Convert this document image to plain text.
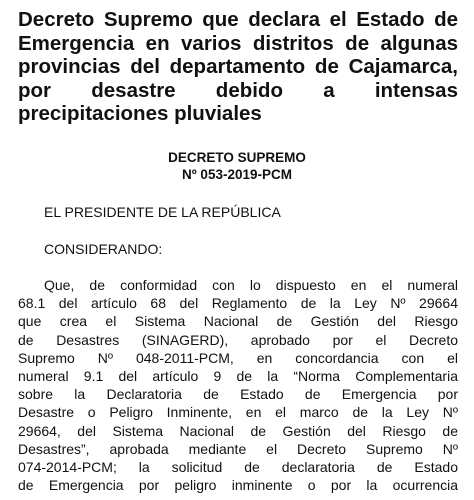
Decreto Supremo que declara el Estado de Emergencia en varios distritos de algunas provincias del departamento de Cajamarca, por desastre debido a intensas precipitaciones pluviales
DECRETO SUPREMO
Nº 053-2019-PCM
EL PRESIDENTE DE LA REPÚBLICA
CONSIDERANDO:
Que, de conformidad con lo dispuesto en el numeral
68.1 del artículo 68 del Reglamento de la Ley Nº 29664
que crea el Sistema Nacional de Gestión del Riesgo
de Desastres (SINAGERD), aprobado por el Decreto
Supremo Nº 048-2011-PCM, en concordancia con el
numeral 9.1 del artículo 9 de la “Norma Complementaria
sobre la Declaratoria de Estado de Emergencia por
Desastre o Peligro Inminente, en el marco de la Ley Nº
29664, del Sistema Nacional de Gestión del Riesgo de
Desastres”, aprobada mediante el Decreto Supremo Nº
074-2014-PCM; la solicitud de declaratoria de Estado
de Emergencia por peligro inminente o por la ocurrencia
